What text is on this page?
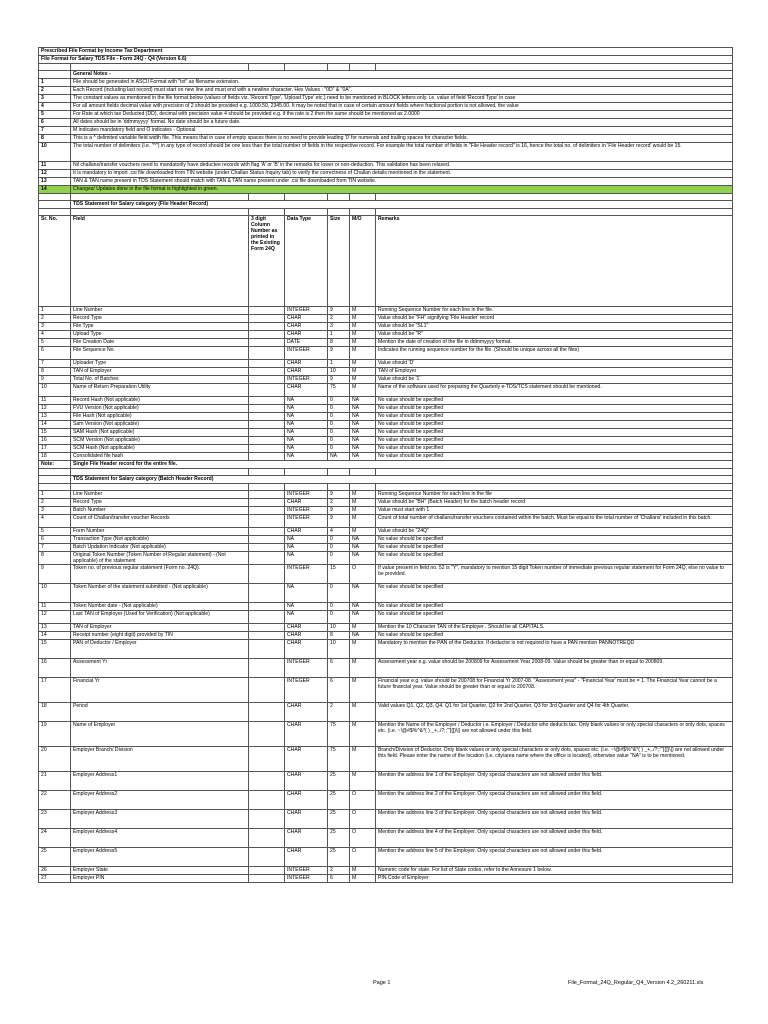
Prescribed File Format by Income Tax Department						
File Format for Salary TDS File - Form 24Q - Q4 (Version 6.6)						

	General Notes -					
1	File should be generated in ASCII Format with "txt" as filename extension.					
2	Each Record (including last record) must start on new line and must end with a newline character. Hex Values : "0D" & "0A".					
3	The constant values as mentioned in the file format below (values of fields viz. 'Record Type', 'Upload Type' etc.) need to be mentioned in BLOCK letters only. i.e. value of field 'Record Type' in case					
4	For all amount fields decimal value with precision of 2 should be provided e.g. 1000.50, 2345.00. It may be noted that in case of certain amount fields where fractional portion is not allowed, the value					
5	For Rate at which tax Deducted (DD), decimal with precision value 4 should be provided e.g. if the rate is 2 then the same should be mentioned as 2.0000					
6	All dates should be in 'ddmmyyyy' format. No date should be a future date.					
7	M indicates mandatory field and O indicates - Optional.					
8	This is a ^ delimited variable field width file. This means that in case of empty spaces there is no need to provide leading '0' for numerals and trailing spaces for character fields.					
10	The total number of delimiters (i.e. "^") in any type of record should be one less than the total number of fields in the respective record. For example the total number of fields in "File Header record" is 16, hence the total no. of delimiters in 'File Header record' would be 15.					
11	Nil challans/transfer vouchers need to mandatorily have deductee records with flag 'A' or 'B' in the remarks for lower or non-deduction. This validation has been relaxed.					
12	It is mandatory to import .csi file downloaded from TIN website (under Challan Status Inquiry tab) to verify the correctness of Challan details mentioned in the statement.					
13	TAN & TAN name present in TDS Statement should match with TAN & TAN name present under .csi file downloaded from TIN website.					
14	Changes/ Updates done in the file format is highlighted in green.					

	TDS Statement for Salary category (File Header Record)					

Sr. No.	Field	3 digit Column Number as printed in the Existing Form 24Q	Data Type	Size	M/O	Remarks
1	Line Number		INTEGER	9	M	Running Sequence Number for each line in the file.
2	Record Type		CHAR	2	M	Value should be "FH" signifying 'File Header' record
3	File Type		CHAR	3	M	Value should be "SL1"
4	Upload Type		CHAR	1	M	Value should be "R"
5	File Creation Date		DATE	8	M	Mention the date of creation of the file in ddmmyyyy format.
6	File Sequence No.		INTEGER	9	M	Indicates the running sequence number for the file. (Should be unique across all the files)
7	Uploader Type		CHAR	1	M	Value should 'D'
8	TAN of Employer		CHAR	10	M	TAN of Employer
9	Total No. of Batches		INTEGER	9	M	Value should be '1'
10	Name of Return Preparation Utility		CHAR	75	M	Name of the software used for preparing the Quarterly e-TDS/TCS statement should be mentioned.
11	Record Hash (Not applicable)		NA	0	NA	No value should be specified
12	FVU Version (Not applicable)		NA	0	NA	No value should be specified
13	File Hash (Not applicable)		NA	0	NA	No value should be specified
14	Sam Version (Not applicable)		NA	0	NA	No value should be specified
15	SAM Hash (Not applicable)		NA	0	NA	No value should be specified
16	SCM Version (Not applicable)		NA	0	NA	No value should be specified
17	SCM Hash (Not applicable)		NA	0	NA	No value should be specified
18	Consolidated file hash		NA	NA	NA	No value should be specified
Note:	Single File Header record for the entire file.					

	TDS Statement for Salary category (Batch Header Record)					

1	Line Number		INTEGER	9	M	Running Sequence Number for each line in the file
2	Record Type		CHAR	2	M	Value should be "BH" (Batch Header) for the batch header record
3	Batch Number		INTEGER	9	M	Value must start with 1
4	Count of Challan/transfer voucher Records		INTEGER	9	M	Count of total number of challans/transfer vouchers contained within the batch. Must be equal to the total number of 'Challans' included in this batch.
5	Form Number		CHAR	4	M	Value should be "24Q"
6	Transaction Type (Not applicable)		NA	0	NA	No value should be specified
7	Batch Updation Indicator (Not applicable)		NA	0	NA	No value should be specified
8	Original Token Number (Token Number of Regular statement) - (Not applicable) of the statement		NA	0	NA	No value should be specified
9	Token no. of previous regular statement (Form no. 24Q).		INTEGER	15	O	If value present in field no. 52 is "Y", mandatory to mention 15 digit Token number of immediate previous regular statement for Form 24Q, else no value to be provided.
10	Token Number of the statement submitted - (Not applicable)		NA	0	NA	No value should be specified
11	Token Number date - (Not applicable)		NA	0	NA	No value should be specified
12	Last TAN of Employer (Used for Verification) (Not applicable)		NA	0	NA	No value should be specified
13	TAN of Employer		CHAR	10	M	Mention the 10 Character TAN of the Employer . Should be all CAPITALS.
14	Receipt number (eight digit) provided by TIN		CHAR	8	NA	No value should be specified
15	PAN of Deductor / Employer		CHAR	10	M	Mandatory to mention the PAN of the Deductor. If deductor is not required to have a PAN mention PANNOTREQD
16	Assessment Yr		INTEGER	6	M	Assessment year e.g. value should be 200809 for Assessment Year 2008-09. Value should be greater than or equal to 200809.
17	Financial Yr		INTEGER	6	M	Financial year e.g. value should be 200708 for Financial Yr 2007-08. "Assessment year" - "Financial Year' must be = 1. The Financial Year cannot be a future financial year. Value should be greater than or equal to 200708.
18	Period		CHAR	2	M	Valid values Q1, Q2, Q3, Q4. Q1 for 1st Quarter, Q2 for 2nd Quarter, Q3 for 3rd Quarter and Q4 for 4th Quarter.
19	Name of Employer		CHAR	75	M	Mention the Name of the Employer / Deductor i.e. Employer / Deductor who deducts tax. Only blank values or only special characters or only dots, spaces etc. (i.e. ~!@#$%^&*( ) _+,./?;:'"[{]}\|) are not allowed under this field.
20	Employer Branch/ Division		CHAR	75	M	Branch/Division of Deductor. Only blank values or only special characters or only dots, spaces etc. (i.e. ~!@#$%^&*( ) _+,./?;:'"[{]}\|) are not allowed under this field. Please enter the name of the location (i.e. city/area name where the office is located), otherwise value "NA" is to be mentioned.
21	Employer Address1		CHAR	25	M	Mention the address line 1 of the Employer. Only special characters are not allowed under this field.
22	Employer Address2		CHAR	25	O	Mention the address line 2 of the Employer. Only special characters are not allowed under this field.
23	Employer Address3		CHAR	25	O	Mention the address line 3 of the Employer. Only special characters are not allowed under this field.
24	Employer Address4		CHAR	25	O	Mention the address line 4 of the Employer. Only special characters are not allowed under this field.
25	Employer Address5		CHAR	25	O	Mention the address line 5 of the Employer. Only special characters are not allowed under this field.
26	Employer State		INTEGER	2	M	Numeric code for state. For list of State codes, refer to the Annexure 1 below.
27	Employer PIN		INTEGER	6	M	PIN Code of Employer
Page 1	File_Format_24Q_Regular_Q4_Version 4.2_260211.xls
